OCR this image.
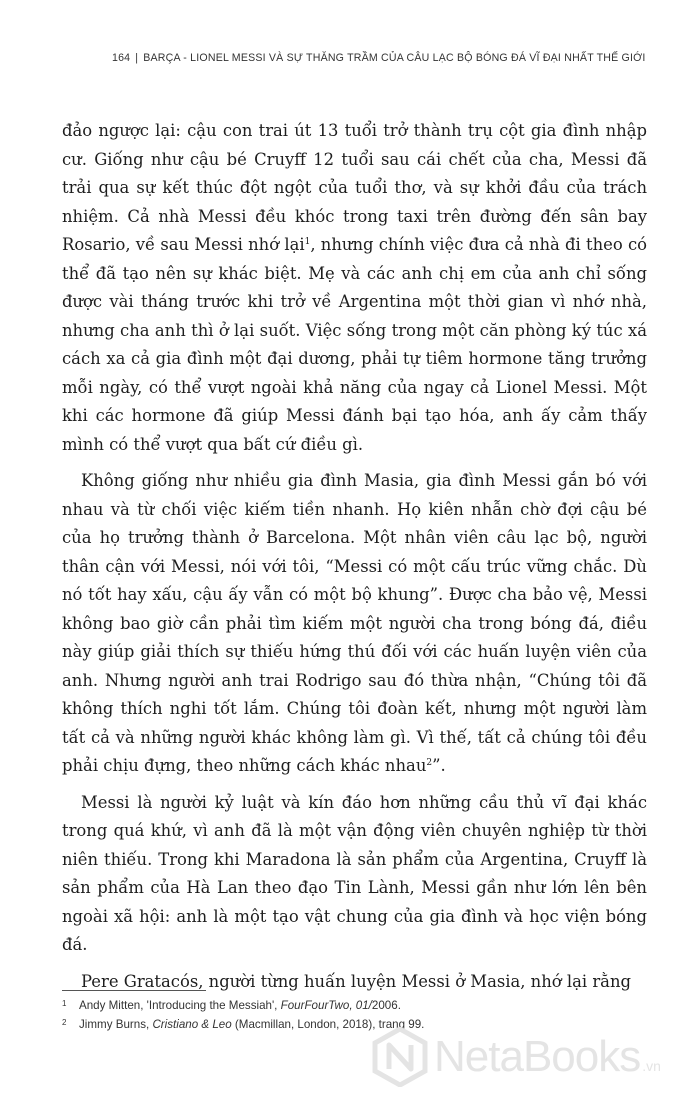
164 | BARÇA - LIONEL MESSI VÀ SỰ THĂNG TRẦM CỦA CÂU LẠC BỘ BÓNG ĐÁ VĨ ĐẠI NHẤT THẾ GIỚI

đảo ngược lại: cậu con trai út 13 tuổi trở thành trụ cột gia đình nhập cư. Giống như cậu bé Cruyff 12 tuổi sau cái chết của cha, Messi đã trải qua sự kết thúc đột ngột của tuổi thơ, và sự khởi đầu của trách nhiệm. Cả nhà Messi đều khóc trong taxi trên đường đến sân bay Rosario, về sau Messi nhớ lại$^1$, nhưng chính việc đưa cả nhà đi theo có thể đã tạo nên sự khác biệt. Mẹ và các anh chị em của anh chỉ sống được vài tháng trước khi trở về Argentina một thời gian vì nhớ nhà, nhưng cha anh thì ở lại suốt. Việc sống trong một căn phòng ký túc xá cách xa cả gia đình một đại dương, phải tự tiêm hormone tăng trưởng mỗi ngày, có thể vượt ngoài khả năng của ngay cả Lionel Messi. Một khi các hormone đã giúp Messi đánh bại tạo hóa, anh ấy cảm thấy mình có thể vượt qua bất cứ điều gì.

Không giống như nhiều gia đình Masia, gia đình Messi gắn bó với nhau và từ chối việc kiếm tiền nhanh. Họ kiên nhẫn chờ đợi cậu bé của họ trưởng thành ở Barcelona. Một nhân viên câu lạc bộ, người thân cận với Messi, nói với tôi, “Messi có một cấu trúc vững chắc. Dù nó tốt hay xấu, cậu ấy vẫn có một bộ khung”. Được cha bảo vệ, Messi không bao giờ cần phải tìm kiếm một người cha trong bóng đá, điều này giúp giải thích sự thiếu hứng thú đối với các huấn luyện viên của anh. Nhưng người anh trai Rodrigo sau đó thừa nhận, “Chúng tôi đã không thích nghi tốt lắm. Chúng tôi đoàn kết, nhưng một người làm tất cả và những người khác không làm gì. Vì thế, tất cả chúng tôi đều phải chịu đựng, theo những cách khác nhau$^2$”.

Messi là người kỷ luật và kín đáo hơn những cầu thủ vĩ đại khác trong quá khứ, vì anh đã là một vận động viên chuyên nghiệp từ thời niên thiếu. Trong khi Maradona là sản phẩm của Argentina, Cruyff là sản phẩm của Hà Lan theo đạo Tin Lành, Messi gần như lớn lên bên ngoài xã hội: anh là một tạo vật chung của gia đình và học viện bóng đá.

Pere Gratacós, người từng huấn luyện Messi ở Masia, nhớ lại rằng

1	Andy Mitten, 'Introducing the Messiah', FourFourTwo, 01/2006.
2	Jimmy Burns, Cristiano & Leo (Macmillan, London, 2018), trang 99.
NetaBooks .vn
